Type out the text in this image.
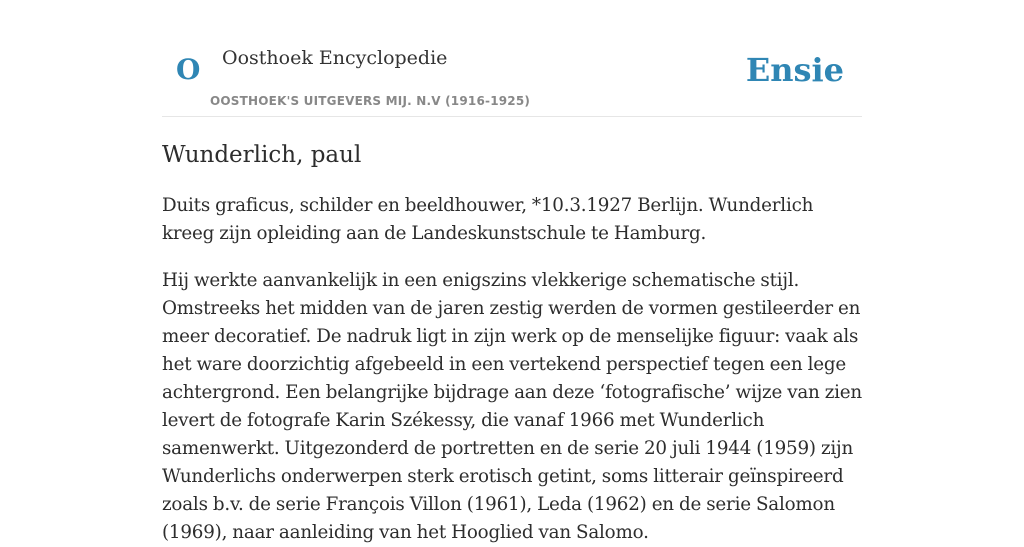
O Oosthoek Encyclopedie
OOSTHOEK'S UITGEVERS MIJ. N.V (1916-1925)
Ensie
Wunderlich, paul

Duits graficus, schilder en beeldhouwer, *10.3.1927 Berlijn. Wunderlich kreeg zijn opleiding aan de Landeskunstschule te Hamburg.

Hij werkte aanvankelijk in een enigszins vlekkerige schematische stijl. Omstreeks het midden van de jaren zestig werden de vormen gestileerder en meer decoratief. De nadruk ligt in zijn werk op de menselijke figuur: vaak als het ware doorzichtig afgebeeld in een vertekend perspectief tegen een lege achtergrond. Een belangrijke bijdrage aan deze ‘fotografische’ wijze van zien levert de fotografe Karin Székessy, die vanaf 1966 met Wunderlich samenwerkt. Uitgezonderd de portretten en de serie 20 juli 1944 (1959) zijn Wunderlichs onderwerpen sterk erotisch getint, soms litterair geïnspireerd zoals b.v. de serie François Villon (1961), Leda (1962) en de serie Salomon (1969), naar aanleiding van het Hooglied van Salomo.
